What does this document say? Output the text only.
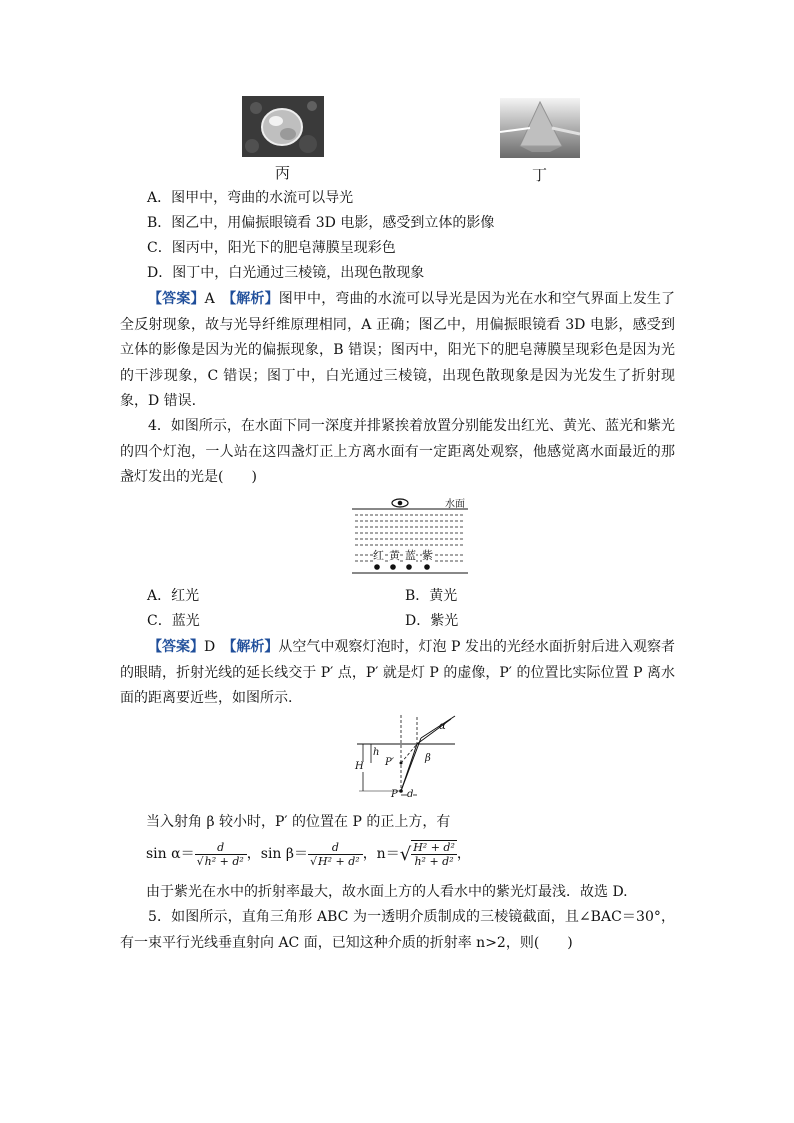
丙	丁
A．图甲中，弯曲的水流可以导光
B．图乙中，用偏振眼镜看 3D 电影，感受到立体的影像
C．图丙中，阳光下的肥皂薄膜呈现彩色
D．图丁中，白光通过三棱镜，出现色散现象
【答案】A　 【解析】图甲中，弯曲的水流可以导光是因为光在水和空气界面上发生了全反射现象，故与光导纤维原理相同，A 正确；图乙中，用偏振眼镜看 3D 电影，感受到立体的影像是因为光的偏振现象，B 错误；图丙中，阳光下的肥皂薄膜呈现彩色是因为光的干涉现象，C 错误；图丁中，白光通过三棱镜，出现色散现象是因为光发生了折射现象，D 错误.
4．如图所示，在水面下同一深度并排紧挨着放置分别能发出红光、黄光、蓝光和紫光的四个灯泡，一人站在这四盏灯正上方离水面有一定距离处观察，他感觉离水面最近的那盏灯发出的光是(　　)
水面
红 黄 蓝 紫
A．红光	B．黄光
C．蓝光	D．紫光
【答案】D　 【解析】从空气中观察灯泡时，灯泡 P 发出的光经水面折射后进入观察者的眼睛，折射光线的延长线交于 P′ 点，P′ 就是灯 P 的虚像，P′ 的位置比实际位置 P 离水面的距离要近些，如图所示.
α
β
H
h
P′
P d
当入射角 β 较小时，P′ 的位置在 P 的正上方，有
$\sin \alpha= \frac{d}{\text{√h² + d²}}$ ，$\sin \beta= \frac{d}{\text{√H² + d²}}$ ，$n=√ \frac{\text{H² + d²}}{\text{h² + d²}}$ ，
由于紫光在水中的折射率最大，故水面上方的人看水中的紫光灯最浅．故选 D.
5．如图所示，直角三角形 ABC 为一透明介质制成的三棱镜截面，且∠BAC＝30°，有一束平行光线垂直射向 AC 面，已知这种介质的折射率 n>2，则(　　)
